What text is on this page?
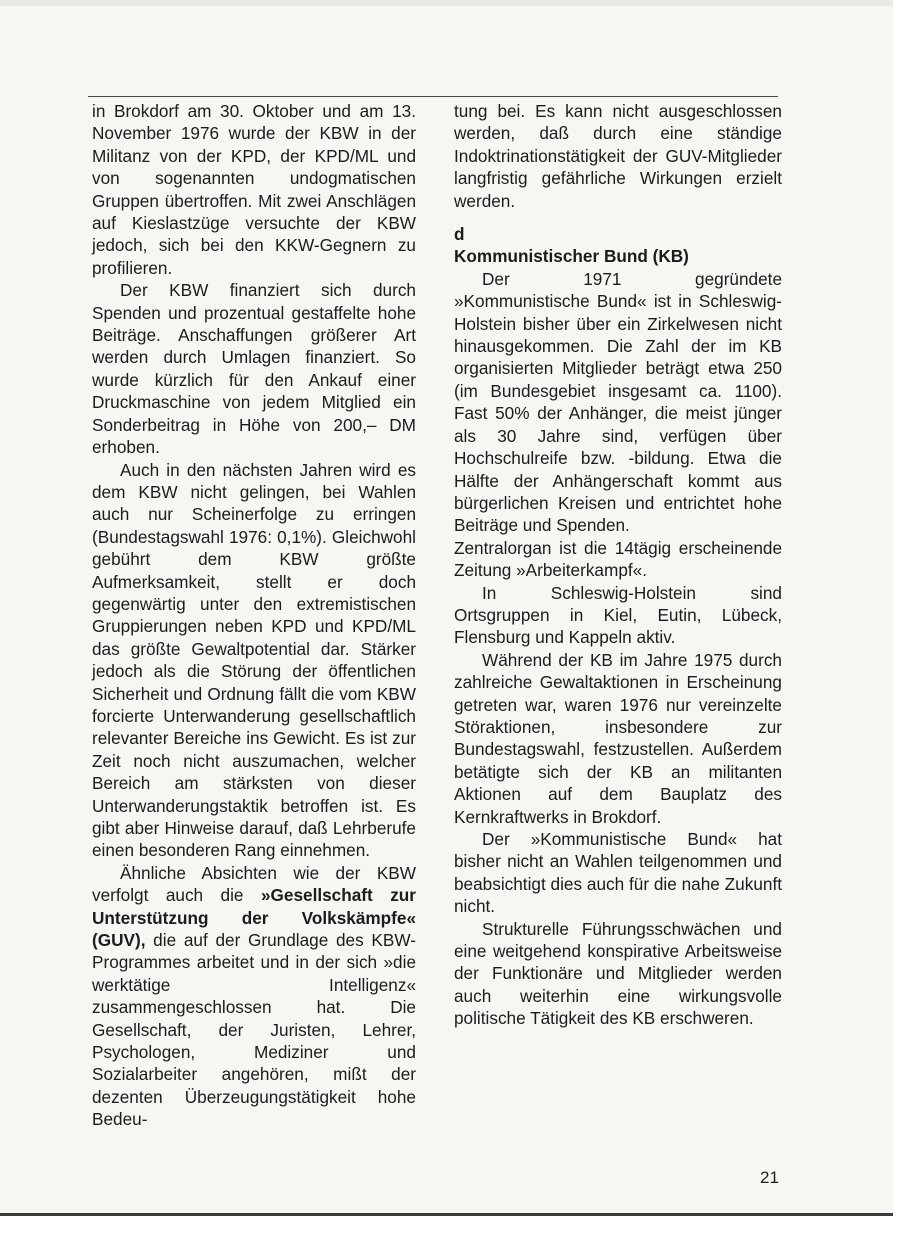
in Brokdorf am 30. Oktober und am 13. November 1976 wurde der KBW in der Militanz von der KPD, der KPD/ML und von sogenannten undogmatischen Gruppen übertroffen. Mit zwei Anschlägen auf Kieslastzüge versuchte der KBW jedoch, sich bei den KKW-Gegnern zu profilieren.

Der KBW finanziert sich durch Spenden und prozentual gestaffelte hohe Beiträge. Anschaffungen größerer Art werden durch Umlagen finanziert. So wurde kürzlich für den Ankauf einer Druckmaschine von jedem Mitglied ein Sonderbeitrag in Höhe von 200,– DM erhoben.

Auch in den nächsten Jahren wird es dem KBW nicht gelingen, bei Wahlen auch nur Scheinerfolge zu erringen (Bundestagswahl 1976: 0,1%). Gleichwohl gebührt dem KBW größte Aufmerksamkeit, stellt er doch gegenwärtig unter den extremistischen Gruppierungen neben KPD und KPD/ML das größte Gewaltpotential dar. Stärker jedoch als die Störung der öffentlichen Sicherheit und Ordnung fällt die vom KBW forcierte Unterwanderung gesellschaftlich relevanter Bereiche ins Gewicht. Es ist zur Zeit noch nicht auszumachen, welcher Bereich am stärksten von dieser Unterwanderungstaktik betroffen ist. Es gibt aber Hinweise darauf, daß Lehrberufe einen besonderen Rang einnehmen.

Ähnliche Absichten wie der KBW verfolgt auch die »Gesellschaft zur Unterstützung der Volkskämpfe« (GUV), die auf der Grundlage des KBW-Programmes arbeitet und in der sich »die werktätige Intelligenz« zusammengeschlossen hat. Die Gesellschaft, der Juristen, Lehrer, Psychologen, Mediziner und Sozialarbeiter angehören, mißt der dezenten Überzeugungstätigkeit hohe Bedeu-

tung bei. Es kann nicht ausgeschlossen werden, daß durch eine ständige Indoktrinationstätigkeit der GUV-Mitglieder langfristig gefährliche Wirkungen erzielt werden.

d

Kommunistischer Bund (KB)

Der 1971 gegründete »Kommunistische Bund« ist in Schleswig-Holstein bisher über ein Zirkelwesen nicht hinausgekommen. Die Zahl der im KB organisierten Mitglieder beträgt etwa 250 (im Bundesgebiet insgesamt ca. 1100). Fast 50% der Anhänger, die meist jünger als 30 Jahre sind, verfügen über Hochschulreife bzw. -bildung. Etwa die Hälfte der Anhängerschaft kommt aus bürgerlichen Kreisen und entrichtet hohe Beiträge und Spenden.

Zentralorgan ist die 14tägig erscheinende Zeitung »Arbeiterkampf«.

In Schleswig-Holstein sind Ortsgruppen in Kiel, Eutin, Lübeck, Flensburg und Kappeln aktiv.

Während der KB im Jahre 1975 durch zahlreiche Gewaltaktionen in Erscheinung getreten war, waren 1976 nur vereinzelte Störaktionen, insbesondere zur Bundestagswahl, festzustellen. Außerdem betätigte sich der KB an militanten Aktionen auf dem Bauplatz des Kernkraftwerks in Brokdorf.

Der »Kommunistische Bund« hat bisher nicht an Wahlen teilgenommen und beabsichtigt dies auch für die nahe Zukunft nicht.

Strukturelle Führungsschwächen und eine weitgehend konspirative Arbeitsweise der Funktionäre und Mitglieder werden auch weiterhin eine wirkungsvolle politische Tätigkeit des KB erschweren.

21
